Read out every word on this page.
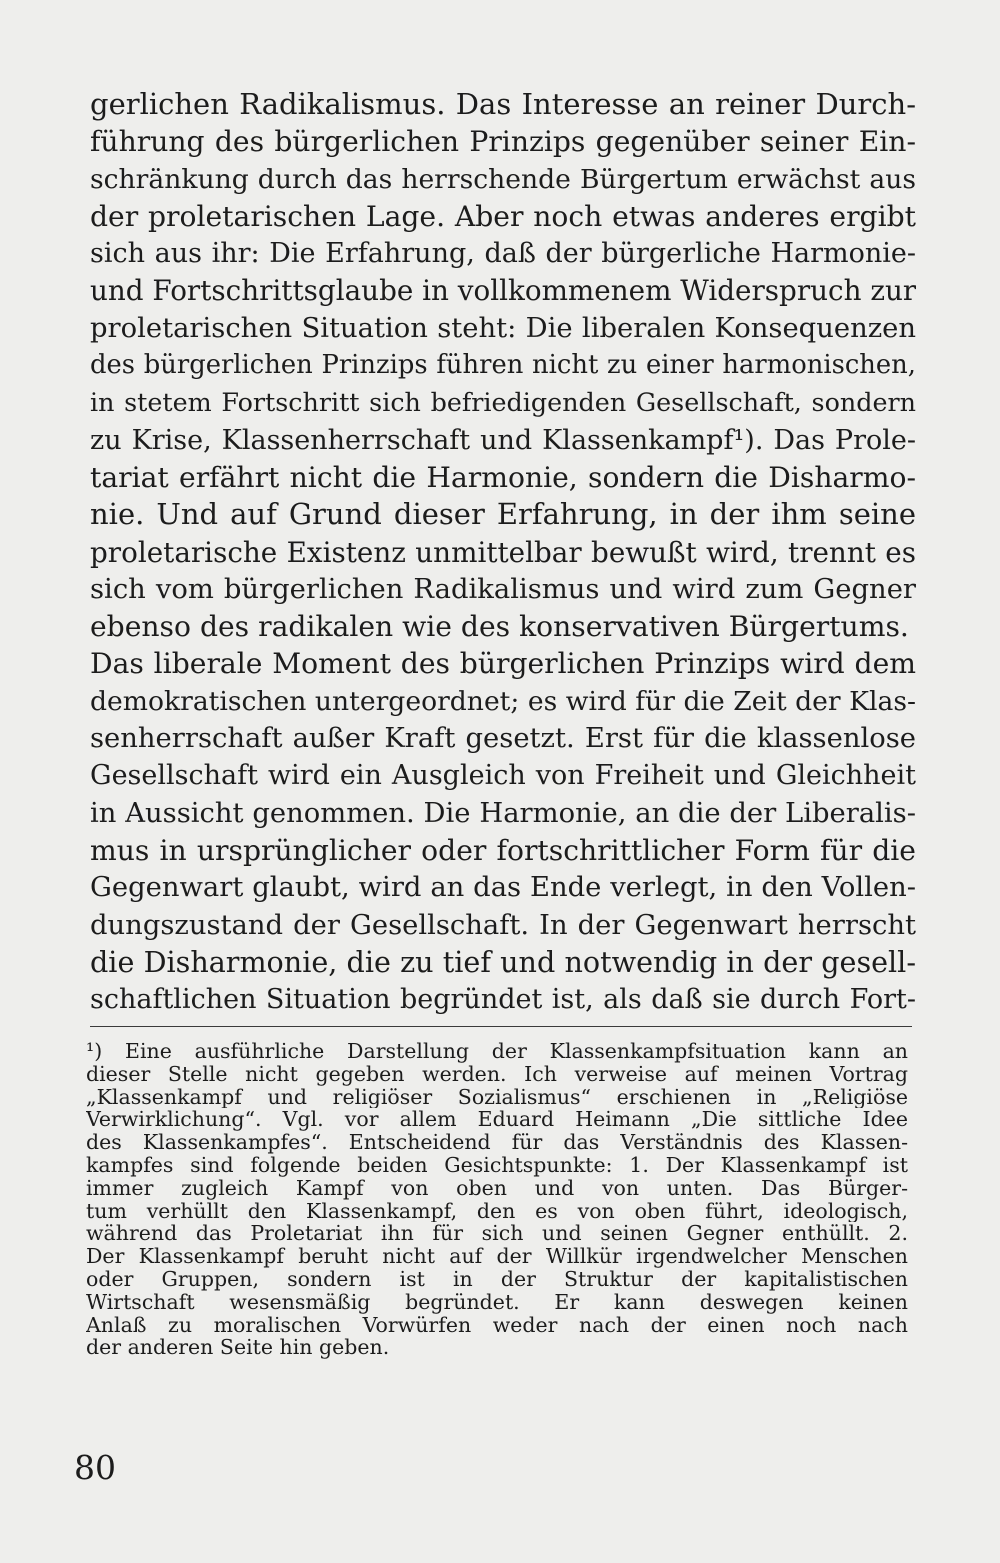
gerlichen Radikalismus. Das Interesse an reiner Durch-
führung des bürgerlichen Prinzips gegenüber seiner Ein-
schränkung durch das herrschende Bürgertum erwächst aus
der proletarischen Lage. Aber noch etwas anderes ergibt
sich aus ihr: Die Erfahrung, daß der bürgerliche Harmonie-
und Fortschrittsglaube in vollkommenem Widerspruch zur
proletarischen Situation steht: Die liberalen Konsequenzen
des bürgerlichen Prinzips führen nicht zu einer harmonischen,
in stetem Fortschritt sich befriedigenden Gesellschaft, sondern
zu Krise, Klassenherrschaft und Klassenkampf¹). Das Prole-
tariat erfährt nicht die Harmonie, sondern die Disharmo-
nie. Und auf Grund dieser Erfahrung, in der ihm seine
proletarische Existenz unmittelbar bewußt wird, trennt es
sich vom bürgerlichen Radikalismus und wird zum Gegner
ebenso des radikalen wie des konservativen Bürgertums.
Das liberale Moment des bürgerlichen Prinzips wird dem
demokratischen untergeordnet; es wird für die Zeit der Klas-
senherrschaft außer Kraft gesetzt. Erst für die klassenlose
Gesellschaft wird ein Ausgleich von Freiheit und Gleichheit
in Aussicht genommen. Die Harmonie, an die der Liberalis-
mus in ursprünglicher oder fortschrittlicher Form für die
Gegenwart glaubt, wird an das Ende verlegt, in den Vollen-
dungszustand der Gesellschaft. In der Gegenwart herrscht
die Disharmonie, die zu tief und notwendig in der gesell-
schaftlichen Situation begründet ist, als daß sie durch Fort-
¹) Eine ausführliche Darstellung der Klassenkampfsituation kann an
dieser Stelle nicht gegeben werden. Ich verweise auf meinen Vortrag
„Klassenkampf und religiöser Sozialismus“ erschienen in „Religiöse
Verwirklichung“. Vgl. vor allem Eduard Heimann „Die sittliche Idee
des Klassenkampfes“. Entscheidend für das Verständnis des Klassen-
kampfes sind folgende beiden Gesichtspunkte: 1. Der Klassenkampf ist
immer zugleich Kampf von oben und von unten. Das Bürger-
tum verhüllt den Klassenkampf, den es von oben führt, ideologisch,
während das Proletariat ihn für sich und seinen Gegner enthüllt. 2.
Der Klassenkampf beruht nicht auf der Willkür irgendwelcher Menschen
oder Gruppen, sondern ist in der Struktur der kapitalistischen
Wirtschaft wesensmäßig begründet. Er kann deswegen keinen
Anlaß zu moralischen Vorwürfen weder nach der einen noch nach
der anderen Seite hin geben.
80
